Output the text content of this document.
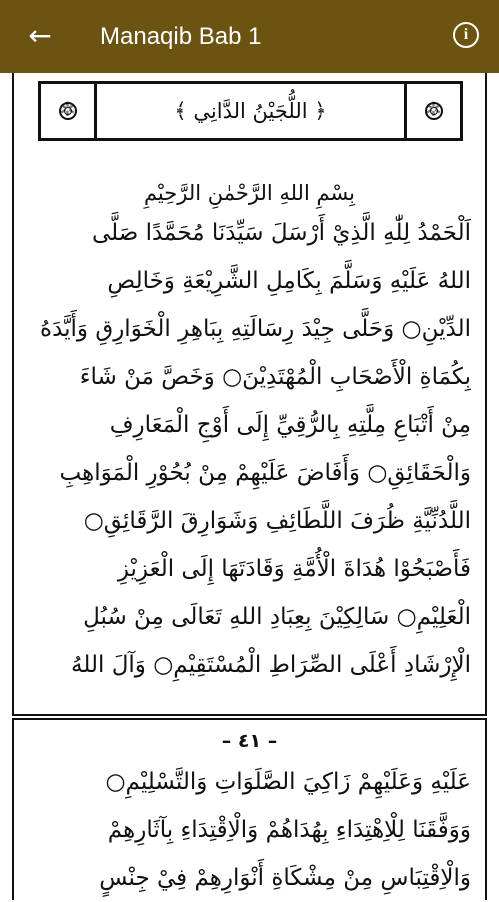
← Manaqib Bab 1	i
✲
﴿ اللُّجَيْنُ الدَّانِي ﴾
✲
بِسْمِ اللهِ الرَّحْمٰنِ الرَّحِيْمِ
اَلْحَمْدُ لِلّٰهِ الَّذِيْ أَرْسَلَ سَيِّدَنَا مُحَمَّدًا صَلَّى
اللهُ عَلَيْهِ وَسَلَّمَ بِكَامِلِ الشَّرِيْعَةِ وَخَالِصِ
الدِّيْنِ○ وَحَلَّى جِيْدَ رِسَالَتِهِ بِبَاهِرِ الْخَوَارِقِ وَأَيَّدَهُ
بِكُمَاةِ الْأَصْحَابِ الْمُهْتَدِيْنَ○ وَخَصَّ مَنْ شَاءَ
مِنْ أَتْبَاعِ مِلَّتِهِ بِالرُّقِيِّ إِلَى أَوْجِ الْمَعَارِفِ
وَالْحَقَائِقِ○ وَأَفَاضَ عَلَيْهِمْ مِنْ بُحُوْرِ الْمَوَاهِبِ
اللَّدُنِّيَّةِ ظُرَفَ اللَّطَائِفِ وَشَوَارِقَ الرَّقَائِقِ○
فَأَصْبَحُوْا هُدَاةَ الْأُمَّةِ وَقَادَتَهَا إِلَى الْعَزِيْزِ
الْعَلِيْمِ○ سَالِكِيْنَ بِعِبَادِ اللهِ تَعَالَى مِنْ سُبُلِ
الْإِرْشَادِ أَعْلَى الصِّرَاطِ الْمُسْتَقِيْمِ○ وَآلَ اللهُ
– ٤١ –
عَلَيْهِ وَعَلَيْهِمْ زَاكِيَ الصَّلَوَاتِ وَالتَّسْلِيْمِ○
وَوَفَّقَنَا لِلْاِهْتِدَاءِ بِهُدَاهُمْ وَالْاِقْتِدَاءِ بِآثَارِهِمْ
وَالْاِقْتِبَاسِ مِنْ مِشْكَاةِ أَنْوَارِهِمْ فِيْ جِنْسٍ
